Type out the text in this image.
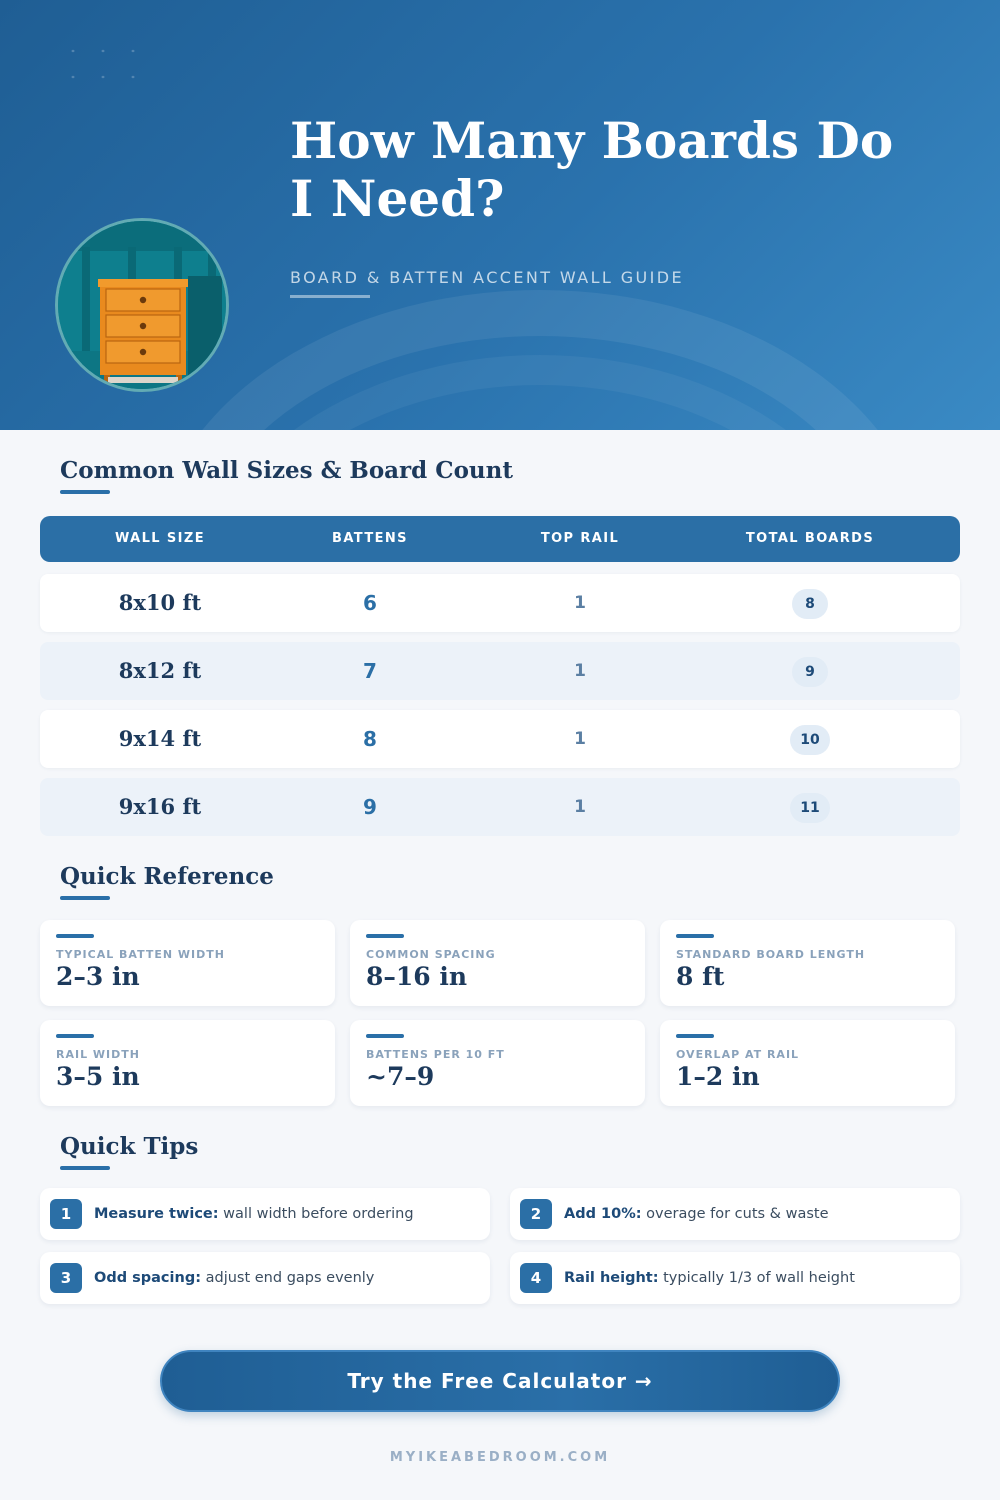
How Many Boards Do I Need?
BOARD & BATTEN ACCENT WALL GUIDE
Common Wall Sizes & Board Count
WALL SIZE	BATTENS	TOP RAIL	TOTAL BOARDS
8x10 ft	6	1	8
8x12 ft	7	1	9
9x14 ft	8	1	10
9x16 ft	9	1	11
Quick Reference
TYPICAL BATTEN WIDTH
2–3 in
COMMON SPACING
8–16 in
STANDARD BOARD LENGTH
8 ft
RAIL WIDTH
3–5 in
BATTENS PER 10 FT
~7–9
OVERLAP AT RAIL
1–2 in
Quick Tips
1	Measure twice: wall width before ordering	2	Add 10%: overage for cuts & waste
3	Odd spacing: adjust end gaps evenly	4	Rail height: typically 1/3 of wall height
Try the Free Calculator →
MYIKEABEDROOM.COM
